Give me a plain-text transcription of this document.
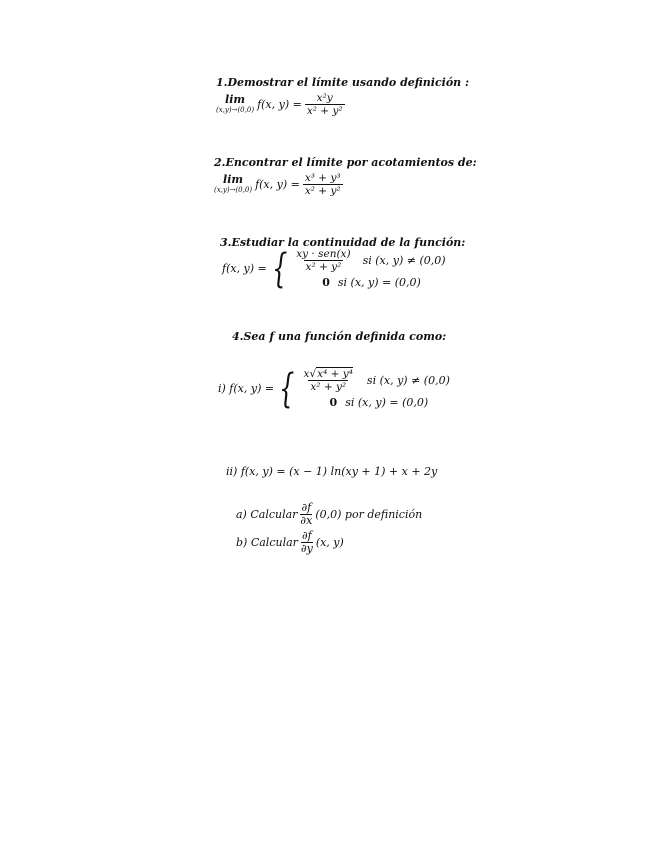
1.Demostrar el límite usando definición :
lim
(x,y)→(0,0) f(x, $y) = \frac{\text{x²y}}{\text{x² + y²}}$
2.Encontrar el límite por acotamientos de:
lim
(x,y)→(0,0) f(x, $y) = \frac{\text{x³ + y³}}{\text{x² + y²}}$
3.Estudiar la continuidad de la función:
f(x, y) = { $\frac{\text{xy · sen(x)}}{\text{x² + y²}}$ si (x, y) ≠ (0,0)
0 si (x, y) = (0,0)
4.Sea f una función definida como:
i) f(x, y) = { $\frac{\text{x√x⁴ + y⁴}}{\text{x² + y²}}$ si (x, y) ≠ (0,0)
0 si (x, y) = (0,0)
ii) f(x, y) = (x − 1) ln(xy + 1) + x + 2y
a) Calcular $\frac{\partial f}{\partial x} (0,0)$ por definición
b) Calcular $\frac{\partial f}{\partial y} (x$, y)
